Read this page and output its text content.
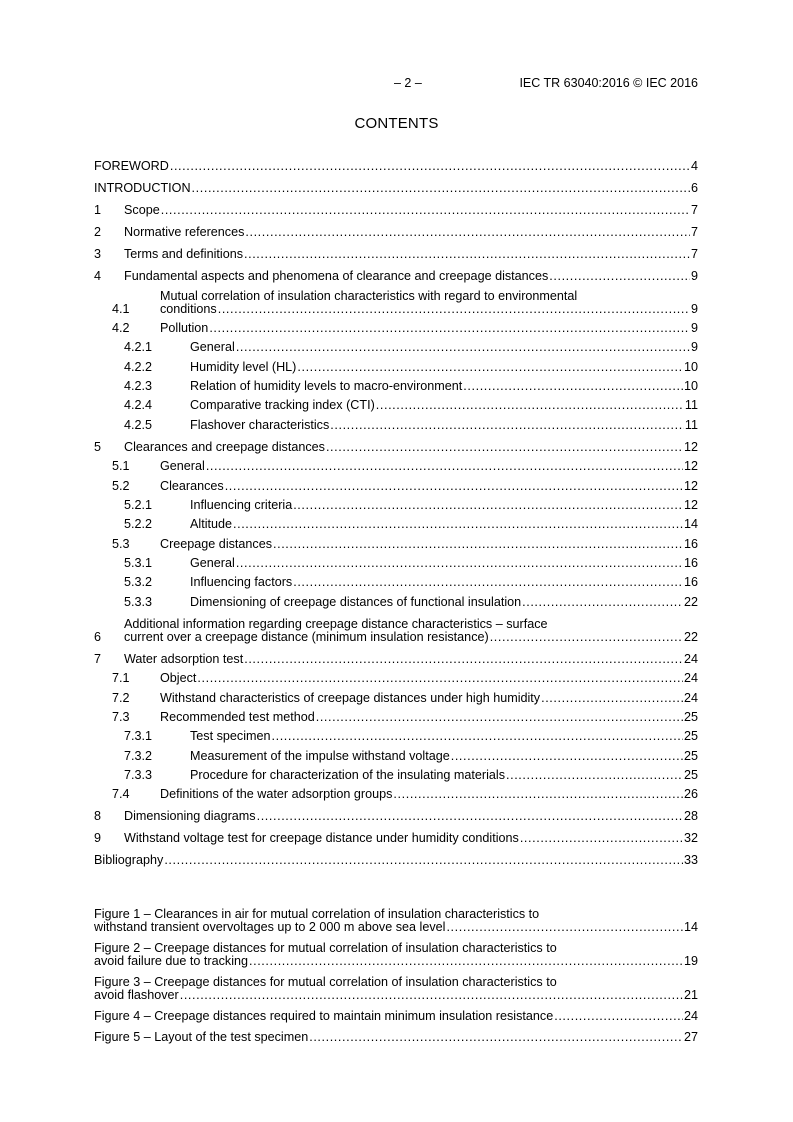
– 2 –	IEC TR 63040:2016 © IEC 2016
CONTENTS
FOREWORD .....	4
INTRODUCTION .....	6
1 Scope .....	7
2 Normative references .....	7
3 Terms and definitions .....	7
4 Fundamental aspects and phenomena of clearance and creepage distances .....	9
4.1
Mutual correlation of insulation characteristics with regard to environmental
conditions .....	9
4.2 Pollution .....	9
4.2.1	General .....	9
4.2.2	Humidity level (HL) .....	10
4.2.3	Relation of humidity levels to macro-environment .....	10
4.2.4	Comparative tracking index (CTI) .....	11
4.2.5	Flashover characteristics .....	11
5 Clearances and creepage distances .....	12
5.1 General .....	12
5.2 Clearances .....	12
5.2.1	Influencing criteria .....	12
5.2.2	Altitude .....	14
5.3 Creepage distances .....	16
5.3.1	General .....	16
5.3.2	Influencing factors .....	16
5.3.3	Dimensioning of creepage distances of functional insulation .....	22
6
Additional information regarding creepage distance characteristics – surface
current over a creepage distance (minimum insulation resistance) .....	22
7 Water adsorption test .....	24
7.1 Object .....	24
7.2 Withstand characteristics of creepage distances under high humidity .....	24
7.3 Recommended test method .....	25
7.3.1	Test specimen .....	25
7.3.2	Measurement of the impulse withstand voltage .....	25
7.3.3	Procedure for characterization of the insulating materials .....	25
7.4 Definitions of the water adsorption groups .....	26
8 Dimensioning diagrams .....	28
9 Withstand voltage test for creepage distance under humidity conditions .....	32
Bibliography .....	33
Figure 1 – Clearances in air for mutual correlation of insulation characteristics to
withstand transient overvoltages up to 2 000 m above sea level .....	14
Figure 2 – Creepage distances for mutual correlation of insulation characteristics to
avoid failure due to tracking .....	19
Figure 3 – Creepage distances for mutual correlation of insulation characteristics to
avoid flashover .....	21
Figure 4 – Creepage distances required to maintain minimum insulation resistance .....	24
Figure 5 – Layout of the test specimen .....	27
